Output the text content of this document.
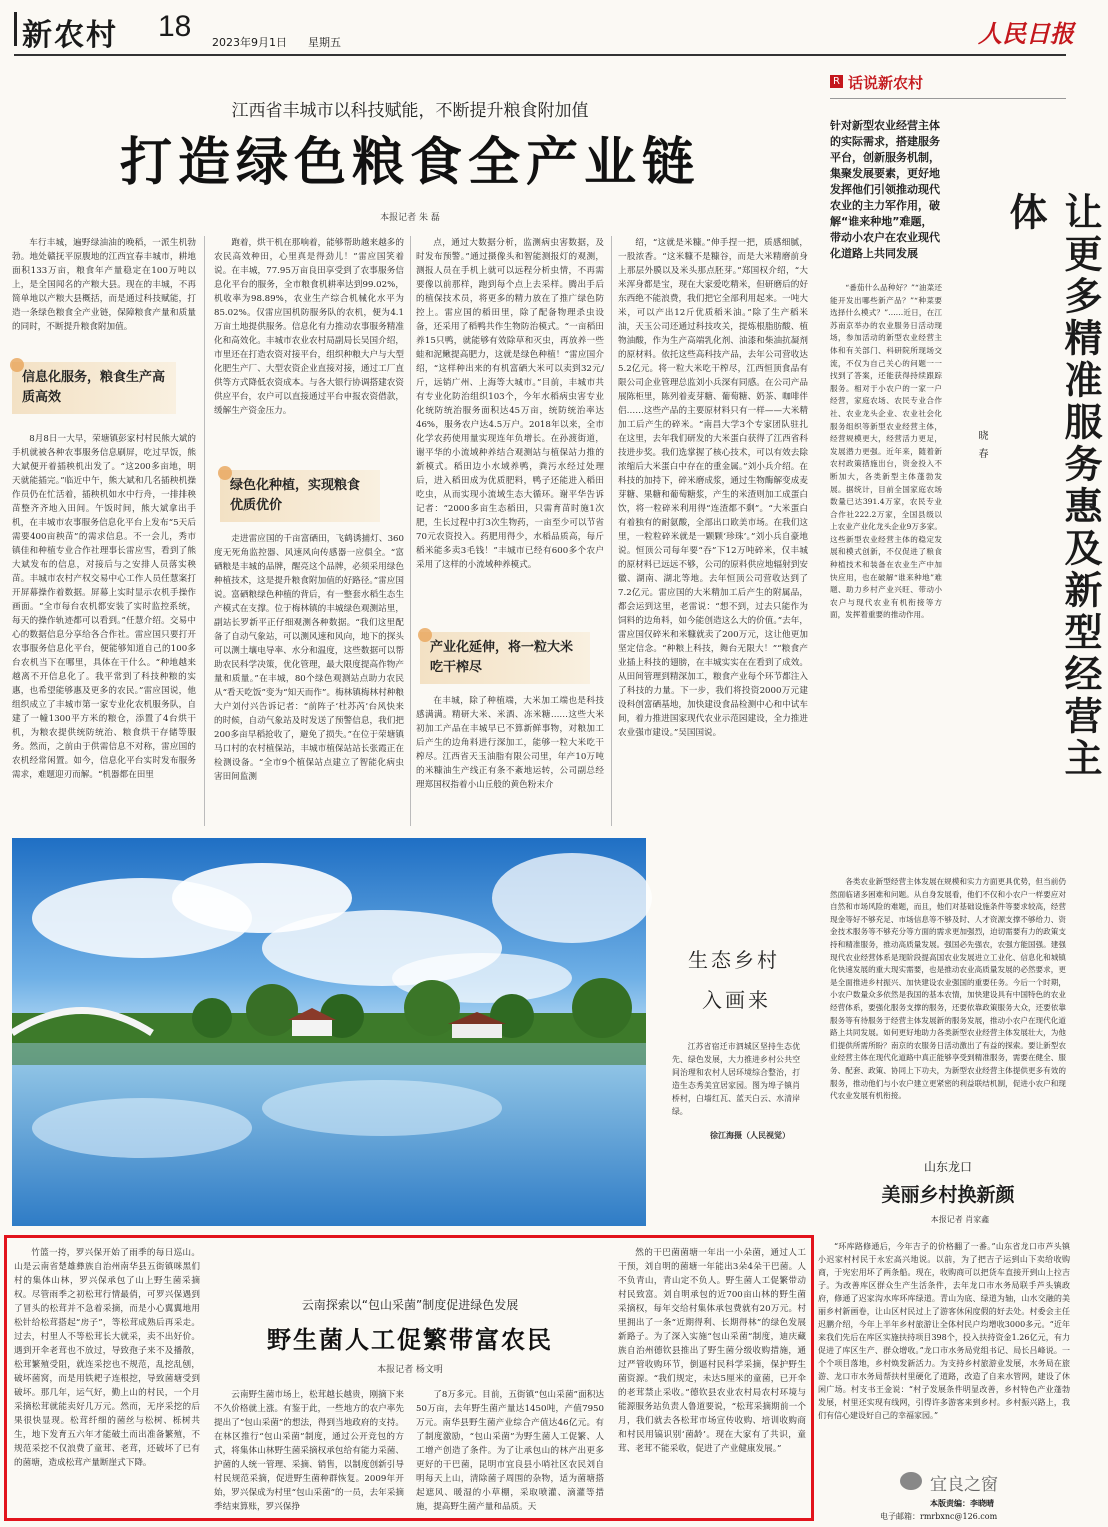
新农村 18 2023年9月1日 星期五	人民日报
江西省丰城市以科技赋能，不断提升粮食附加值
打造绿色粮食全产业链
本报记者 朱 磊
车行丰城，遍野绿油油的晚稻，一派生机勃勃。地处赣抚平原腹地的江西宜春丰城市，耕地面积133万亩，粮食年产量稳定在100万吨以上，是全国闻名的产粮大县。现在的丰城，不再简单地以产粮大县概括，而是通过科技赋能，打造一条绿色粮食全产业链，保障粮食产量和质量的同时，不断提升粮食附加值。
信息化服务，粮食生产高质高效
8月8日一大早，荣塘镇彭家村村民熊大斌的手机就被各种农事服务信息刷屏，吃过早饭，熊大斌便开着插秧机出发了。“这200多亩地，明天就能插完。”临近中午，熊大斌和几名插秧机操作员仍在忙活着，插秧机如水中行舟，一排排秧苗整齐齐地入田间。午饭时间，熊大斌拿出手机，在丰城市农事服务信息化平台上发布“5天后需要400亩秧苗”的需求信息。不一会儿，秀市镇佳和种植专业合作社理事长雷应雪，看到了熊大斌发布的信息，对接后与之安排人员落实秧苗。丰城市农村产权交易中心工作人员任慧案打开屏幕操作着数据。屏幕上实时显示农机手操作画面。“全市每台农机都安装了实时监控系统，每天的操作轨迹都可以看到。”任慧介绍。交易中心的数据信息分享给各合作社。雷应国只要打开农事服务信息化平台，便能够知道自己的100多台农机当下在哪里，具体在干什么。“种地越来越离不开信息化了。我平常到了科技种粮的实惠，也希望能够惠及更多的农民。”雷应国说，他组织成立了丰城市第一家专业化农机服务队，自建了一幢1300平方米的粮仓，添置了4台烘干机，为粮农提供统防统治、粮食烘干存储等服务。然而，之前由于供需信息不对称，雷应国的农机经常闲置。如今，信息化平台实时发布服务需求，难题迎刃而解。“机器都在田里
跑着，烘干机在那响着，能够帮助越来越多的农民高效种田，心里真是得劲儿！”雷应国笑着说。在丰城，77.95万亩良田享受到了农事服务信息化平台的服务，全市粮食机耕率达到99.02%，机收率为98.89%，农业生产综合机械化水平为85.02%。仅雷应国机防服务队的农机，便为4.1万亩土地提供服务。信息化有力推动农事服务精准化和高效化。丰城市农业农村局副局长吴国介绍，市里还在打造农资对接平台，组织种粮大户与大型化肥生产厂、大型农资企业直接对接，通过工厂直供等方式降低农资成本。与各大银行协调搭建农资供应平台，农户可以直接通过平台申报农资借款，缓解生产资金压力。
绿色化种植，实现粮食优质优价
走进雷应国的千亩富硒田，飞鹤诱捕灯、360度无死角监控器、风速风向传感器一应俱全。“富硒粮是丰城的品牌，醒亮这个品牌，必须采用绿色种植技术，这是提升粮食附加值的好路径。”雷应国说。富硒粮绿色种植的背后，有一整套水稻生态生产模式在支撑。位于梅林镇的丰城绿色观测站里，副站长罗新平正仔细观测各种数据。“我们这里配备了自动气象站，可以测风速和风向，地下的探头可以测土壤电导率、水分和温度，这些数据可以帮助农民科学决策，优化管理，最大限度提高作物产量和质量。”在丰城，80个绿色观测站点助力农民从“看天吃饭”变为“知天而作”。梅林镇梅林村种粮大户刘付兴告诉记者：“前阵子‘杜苏芮’台风快来的时候，自动气象站及时发送了预警信息，我们把200多亩早稻抢收了，避免了损失。”在位于荣塘镇马口村的农村植保站，丰城市植保站站长张霞正在检测设备。“全市9个植保站点建立了智能化病虫害田间监测
点，通过大数据分析，监测病虫害数据，及时发布预警。”通过摄像头和智能测报灯的观测，测报人员在手机上就可以远程分析虫情，不再需要像以前那样，跑到每个点上去采样。腾出手后的植保技术员，将更多的精力放在了推广绿色防控上。雷应国的稻田里，除了配备物理杀虫设备，还采用了稻鸭共作生物防治模式。“一亩稻田养15只鸭，就能够有效除草和灭虫，再放养一些蛙和泥鳅提高肥力，这就是绿色种植！”雷应国介绍，“这样种出来的有机富硒大米可以卖到32元/斤，远销广州、上海等大城市。”目前，丰城市共有专业化防治组织103个，今年水稻病虫害专业化统防统治服务面积达45万亩，统防统治率达46%，服务农户达4.5万户。2018年以来，全市化学农药使用量实现连年负增长。在孙渡街道，谢平华的小流域种养结合观测站与植保站力推的新模式。稻田边小水域养鸭，粪污水经过处理后，进入稻田成为优质肥料，鸭子还能进入稻田吃虫，从而实现小流域生态大循环。谢平华告诉记者：“2000多亩生态稻田，只需育苗时施1次肥，生长过程中打3次生物药，一亩至少可以节省70元农资投入。药肥用得少，水稻品质高，每斤稻米能多卖3毛钱！”丰城市已经有600多个农户采用了这样的小流域种养模式。
产业化延伸，将一粒大米吃干榨尽
在丰城，除了种植端，大米加工端也是科技感满满。精研大米、米酒、冻米糖……这些大米初加工产品在丰城早已不算新鲜事物，对粮加工后产生的边角料进行深加工，能够一粒大米吃干榨尽。江西省天玉油脂有限公司里，年产10万吨的米糠油生产线正有条不紊地运转，公司副总经理郑国权指着小山丘般的黄色粉末介
绍，“这就是米糠。”伸手捏一把，质感细腻，一股浓香。“这米糠不是糠谷，而是大米精磨前身上那层外膜以及米头那点胚芽。”郑国权介绍，“大米浑身都是宝，现在大家爱吃精米，但研磨后的好东西绝不能浪费，我们把它全部利用起来。一吨大米，可以产出12斤优质稻米油。”除了生产稻米油，天玉公司还通过科技攻关，提炼根脂肪酸、植物油酸，作为生产高端乳化剂、油漆和柴油抗凝剂的原材料。依托这些高科技产品，去年公司营收达5.2亿元。将一粒大米吃干榨尽，江西恒顶食品有限公司企业管理总监刘小兵深有同感。在公司产品展陈柜里，陈列着麦芽糖、葡萄糖、奶茶、咖啡伴侣……这些产品的主要原材料只有一样——大米精加工后产生的碎米。“南昌大学3个专家团队驻扎在这里，去年我们研发的大米蛋白获得了江西省科技进步奖。我们选掌握了核心技术，可以有效去除浓缩后大米蛋白中存在的重金属。”刘小兵介绍。在科技的加持下，碎米磨成浆，通过生物酶解变成麦芽糖、果糖和葡萄糖浆，产生的米渣则加工成蛋白饮，将一粒碎米利用得“连渣都不剩”。“大米蛋白有着独有的耐氨酸，全部出口欧美市场。在我们这里，一粒粒碎米就是一颗颗‘珍珠’。”刘小兵自豪地说。恒顶公司每年要“吞”下12万吨碎米，仅丰城的原材料已远远不够，公司的原料供应地辐射到安徽、湖南、湖北等地。去年恒顶公司营收达到了7.2亿元。雷应国的大米精加工后产生的附属品，都会运到这里，老雷说：“想不到，过去只能作为饲料的边角料，如今能创造这么大的价值。”去年，雷应国仅碎米和米糠就卖了200万元，这让他更加坚定信念。“种粮上科技，舞台无限大！”“粮食产业插上科技的翅膀，在丰城实实在在看到了成效。从田间管理到精深加工，粮食产业每个环节都注入了科技的力量。下一步，我们将投资2000万元建设科创富硒基地，加快建设食品检测中心和中试车间，着力推进国家现代农业示范园建设，全力推进农业强市建设。”吴国国说。
R 话说新农村
针对新型农业经营主体的实际需求，搭建服务平台，创新服务机制，集聚发展要素，更好地发挥他们引领推动现代农业的主力军作用，破解“谁来种地”难题，带动小农户在农业现代化道路上共同发展	让更多精准服务惠及新型经营主体
晓春
“番茄什么品种好？”“油菜还能开发出哪些新产品？”“种菜要选择什么模式？”……近日，在江苏南京举办的农业服务日活动现场，参加活动的新型农业经营主体和有关部门、科研院所现场交流，不仅为自己关心的问题一一找到了答案，还能获得持续跟踪服务。相对于小农户的一家一户经营，家庭农场、农民专业合作社、农业龙头企业、农业社会化服务组织等新型农业经营主体，经营规模更大，经营活力更足，发展潜力更强。近年来，随着新农村政策措施出台，资金投入不断加大，各类新型主体蓬勃发展。据统计，目前全国家庭农场数量已达391.4万家，农民专业合作社222.2万家，全国县级以上农业产业化龙头企业9万多家。这些新型农业经营主体的稳定发展和模式创新，不仅促进了粮食种植技术和装备在农业生产中加快应用，也在破解“谁来种地”难题、助力乡村产业兴旺、带动小农户与现代农业有机衔接等方面，发挥着重要的推动作用。
各类农业新型经营主体发展在规模和实力方面更具优势，但当前仍然面临诸多困难和问题。从自身发展看，他们不仅和小农户一样要应对自然和市场风险的难题，而且，他们对基础设施条件等要求较高，经营现金等好不够充足、市场信息等不够及时、人才资源支撑不够给力、资金技术服务等不够充分等方面的需求更加强烈，迫切需要有力的政策支持和精准服务，推动高质量发展。强国必先强农，农强方能国强。建强现代农业经营体系是现阶段提高国农业发展进立工业化、信息化和城镇化快速发展的重大现实需要，也是推动农业高质量发展的必然要求，更是全面推进乡村振兴、加快建设农业强国的重要任务。今后一个时期，小农户数量众多依然是我国的基本农情，加快建设具有中国特色的农业经营体系，要强化服务支撑的服务，还要依靠政策服务大众，还要依靠服务等有待服务于经营主体发展新的服务发展，推动小农户在现代化道路上共同发展。如何更好地助力各类新型农业经营主体发展壮大，为他们提供所需所盼？南京的农服务日活动激出了有益的探索。要让新型农业经营主体在现代化道路中真正能够享受到精准服务，需要在健全、服务、配套、政策、协同上下功夫，为新型农业经营主体提供更多有效的服务，推动他们与小农户建立更紧密的利益联结机制，促进小农户和现代农业发展有机衔接。
生态乡村
入画来
江苏省宿迁市泗城区坚持生态优先、绿色发展，大力推进乡村公共空间治理和农村人居环境综合整治，打造生态秀美宜居家园。图为埠子镇肖桥村，白墙红瓦、蓝天白云、水清岸绿。
徐江海摄（人民视觉）
山东龙口
美丽乡村换新颜
本报记者 肖家鑫
“环库路修通后，今年吉子的价格翻了一番。”山东省龙口市芦头镇小迟家村村民于永宏高兴地说。以前，为了把吉子运到山下卖给收购商，于宪宏用坏了两条船。现在，收购商可以把货车直接开到山上拉吉子。为改善库区群众生产生活条件，去年龙口市水务局联手芦头镇政府，修通了迟家沟水库环库绿道。青山为底、绿道为轴，山水交融的美丽乡村新画卷，让山区村民过上了游客休闲度假的好去处。村委会主任迟鹏介绍，今年上半年乡村旅游让全体村民户均增收3000多元。“近年来我们先后在库区实施扶持项目398个，投入扶持资金1.26亿元，有力促进了库区生产、群众增收。”龙口市水务局党组书记、局长吕峰说。一个个项目落地，乡村焕发新活力。为支持乡村旅游业发展，水务局在旅游、龙口市水务局帮扶村里硬化了道路，改造了自来水管网，建设了休闲广场。村支书王金说：“村子发展条件明显改善，乡村特色产业蓬勃发展，村里还实现有线网，引得许多游客来到乡村。乡村振兴路上，我们有信心建设好自己的幸福家园。”
竹篮一挎，罗兴保开始了雨季的每日巡山。山是云南省楚雄彝族自治州南华县五街镇咪黑们村的集体山林，罗兴保承包了山上野生菌采摘权。尽管雨季之初松茸行情最俏，可罗兴保遇到了冒头的松茸并不急着采摘，而是小心翼翼地用松针给松茸搭起“房子”，等松茸成熟后再采走。过去，村里人不等松茸长大就采，卖不出好价。遇到开伞老茸也不放过，导致孢子来不及播散，松茸繁殖受阻，就连采挖也不规范，乱挖乱刨，破坏菌窝，而是用铁耙子连根挖，导致菌塘受到破坏。那几年，运气好，勤上山的村民，一个月采摘松茸就能卖好几万元。然而，无序采挖的后果很快显现。松茸纤细的菌丝与松树、栎树共生，地下发育五六年才能破土而出准备繁殖，不规范采挖不仅浪费了童茸、老茸，还破坏了已有的菌塘，造成松茸产量断崖式下降。
云南探索以“包山采菌”制度促进绿色发展
野生菌人工促繁带富农民
本报记者 杨文明
云南野生菌市场上，松茸越长越贵，刚摘下来不久价格就上涨。有鉴于此，一些地方的农户率先提出了“包山采菌”的想法，得到当地政府的支持。在林区推行“包山采菌”制度，通过公开竞包的方式，将集体山林野生菌采摘权承包给有能力采菌、护菌的人统一管理、采摘、销售，以制度创新引导村民规范采摘，促进野生菌种群恢复。2009年开始，罗兴保成为村里“包山采菌”的一员，去年采摘季结束算账，罗兴保挣
了8万多元。目前，五街镇“包山采菌”面积达50万亩，去年野生菌产量达1450吨，产值7950万元。南华县野生菌产业综合产值达46亿元。有了制度激励，“包山采菌”为野生菌人工促繁、人工增产创造了条件。为了让承包山的林产出更多更好的干巴菌，昆明市宜良县小哨社区农民刘自明每天上山，清除菌子周围的杂物，适为菌塘搭起遮风、暖湿的小草棚，采取喷灌、滴灌等措施，提高野生菌产量和品质。天
然的干巴菌菌塘一年出一小朵菌，通过人工干预，刘自明的菌塘一年能出3朵4朵干巴菌。人不负青山，青山定不负人。野生菌人工促繁带动村民致富。刘自明承包的近700亩山林的野生菌采摘权，每年交给村集体承包费就有20万元。村里拥出了一条“近期得利、长期得林”的绿色发展新路子。为了深入实施“包山采菌”制度，迪庆藏族自治州德钦县推出了野生菌分级收购措施，通过严管收购环节，倒逼村民科学采摘，保护野生菌资源。“我们规定，未达5厘米的童菌，已开伞的老茸禁止采收。”德钦县农业农村局农村环境与能源服务站负责人鲁道要说，“松茸采摘期前一个月，我们就去各松茸市场宣传收购、培训收购商和村民用镐识别‘菌龄’。现在大家有了共识，童茸、老茸不能采收，促进了产业健康发展。”
宜良之窗
本版责编：李晓晴
电子邮箱：rmrbxnc@126.com
